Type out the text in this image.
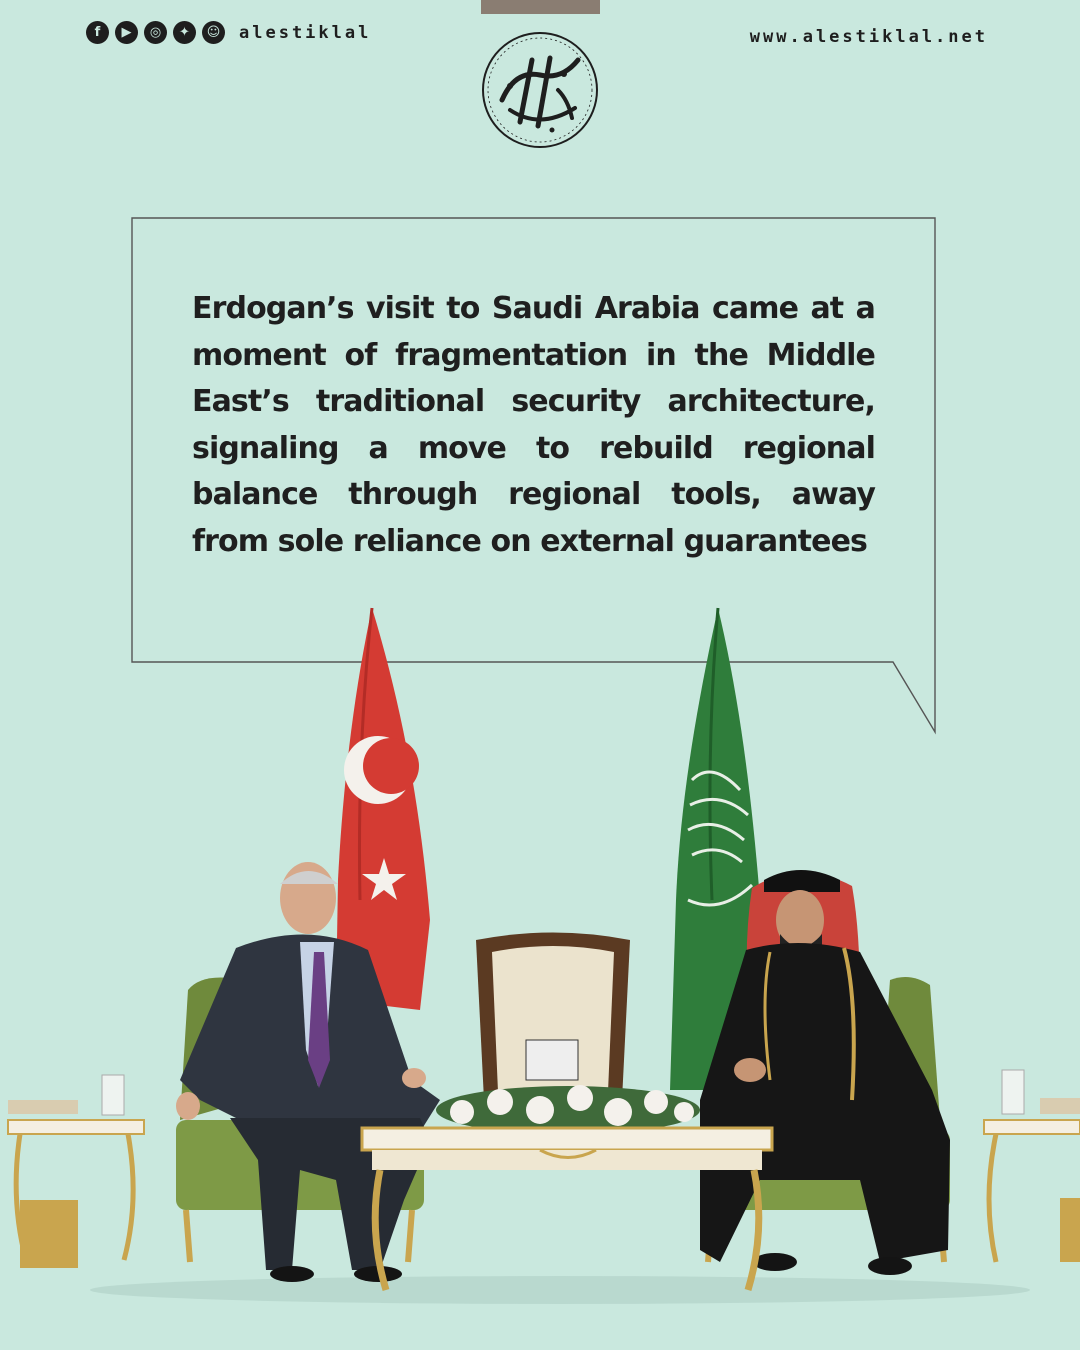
f	▶	◎	✦	☺ alestiklal	www.alestiklal.net
Erdogan’s visit to Saudi Arabia came at a moment of fragmentation in the Middle East’s traditional security architecture, signaling a move to rebuild regional balance through regional tools, away from sole reliance on external guarantees
